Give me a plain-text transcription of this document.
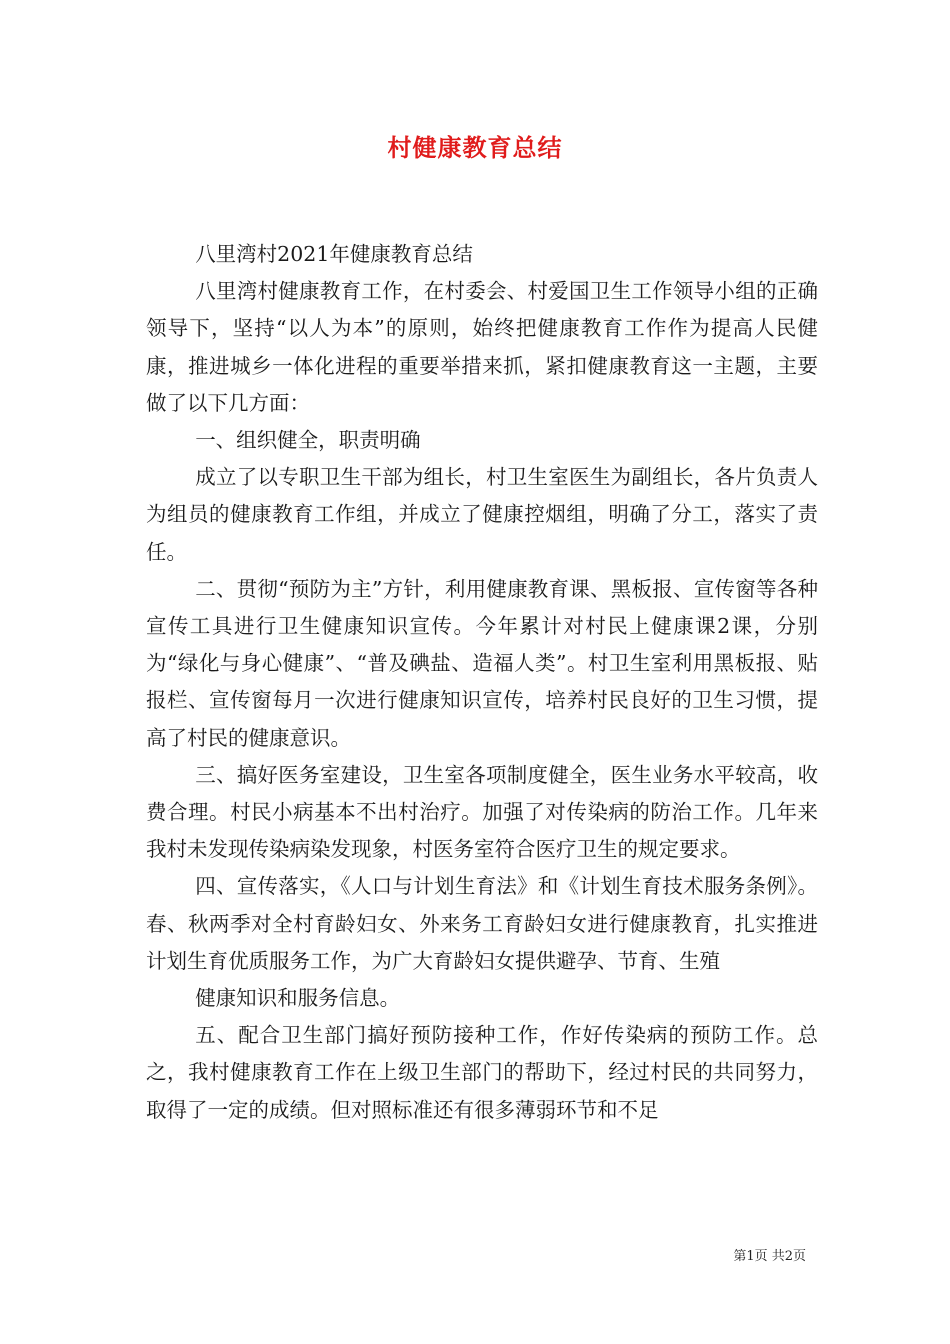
村健康教育总结

八里湾村2021年健康教育总结

八里湾村健康教育工作，在村委会、村爱国卫生工作领导小组的正确领导下，坚持“以人为本”的原则，始终把健康教育工作作为提高人民健康，推进城乡一体化进程的重要举措来抓，紧扣健康教育这一主题，主要做了以下几方面：

一、组织健全，职责明确

成立了以专职卫生干部为组长，村卫生室医生为副组长，各片负责人为组员的健康教育工作组，并成立了健康控烟组，明确了分工，落实了责任。

二、贯彻“预防为主”方针，利用健康教育课、黑板报、宣传窗等各种宣传工具进行卫生健康知识宣传。今年累计对村民上健康课2课，分别为“绿化与身心健康”、“普及碘盐、造福人类”。村卫生室利用黑板报、贴报栏、宣传窗每月一次进行健康知识宣传，培养村民良好的卫生习惯，提高了村民的健康意识。

三、搞好医务室建设，卫生室各项制度健全，医生业务水平较高，收费合理。村民小病基本不出村治疗。加强了对传染病的防治工作。几年来我村未发现传染病染发现象，村医务室符合医疗卫生的规定要求。

四、宣传落实，《人口与计划生育法》和《计划生育技术服务条例》。春、秋两季对全村育龄妇女、外来务工育龄妇女进行健康教育，扎实推进计划生育优质服务工作，为广大育龄妇女提供避孕、节育、生殖

健康知识和服务信息。

五、配合卫生部门搞好预防接种工作，作好传染病的预防工作。总之，我村健康教育工作在上级卫生部门的帮助下，经过村民的共同努力，取得了一定的成绩。但对照标准还有很多薄弱环节和不足

第1页 共2页
